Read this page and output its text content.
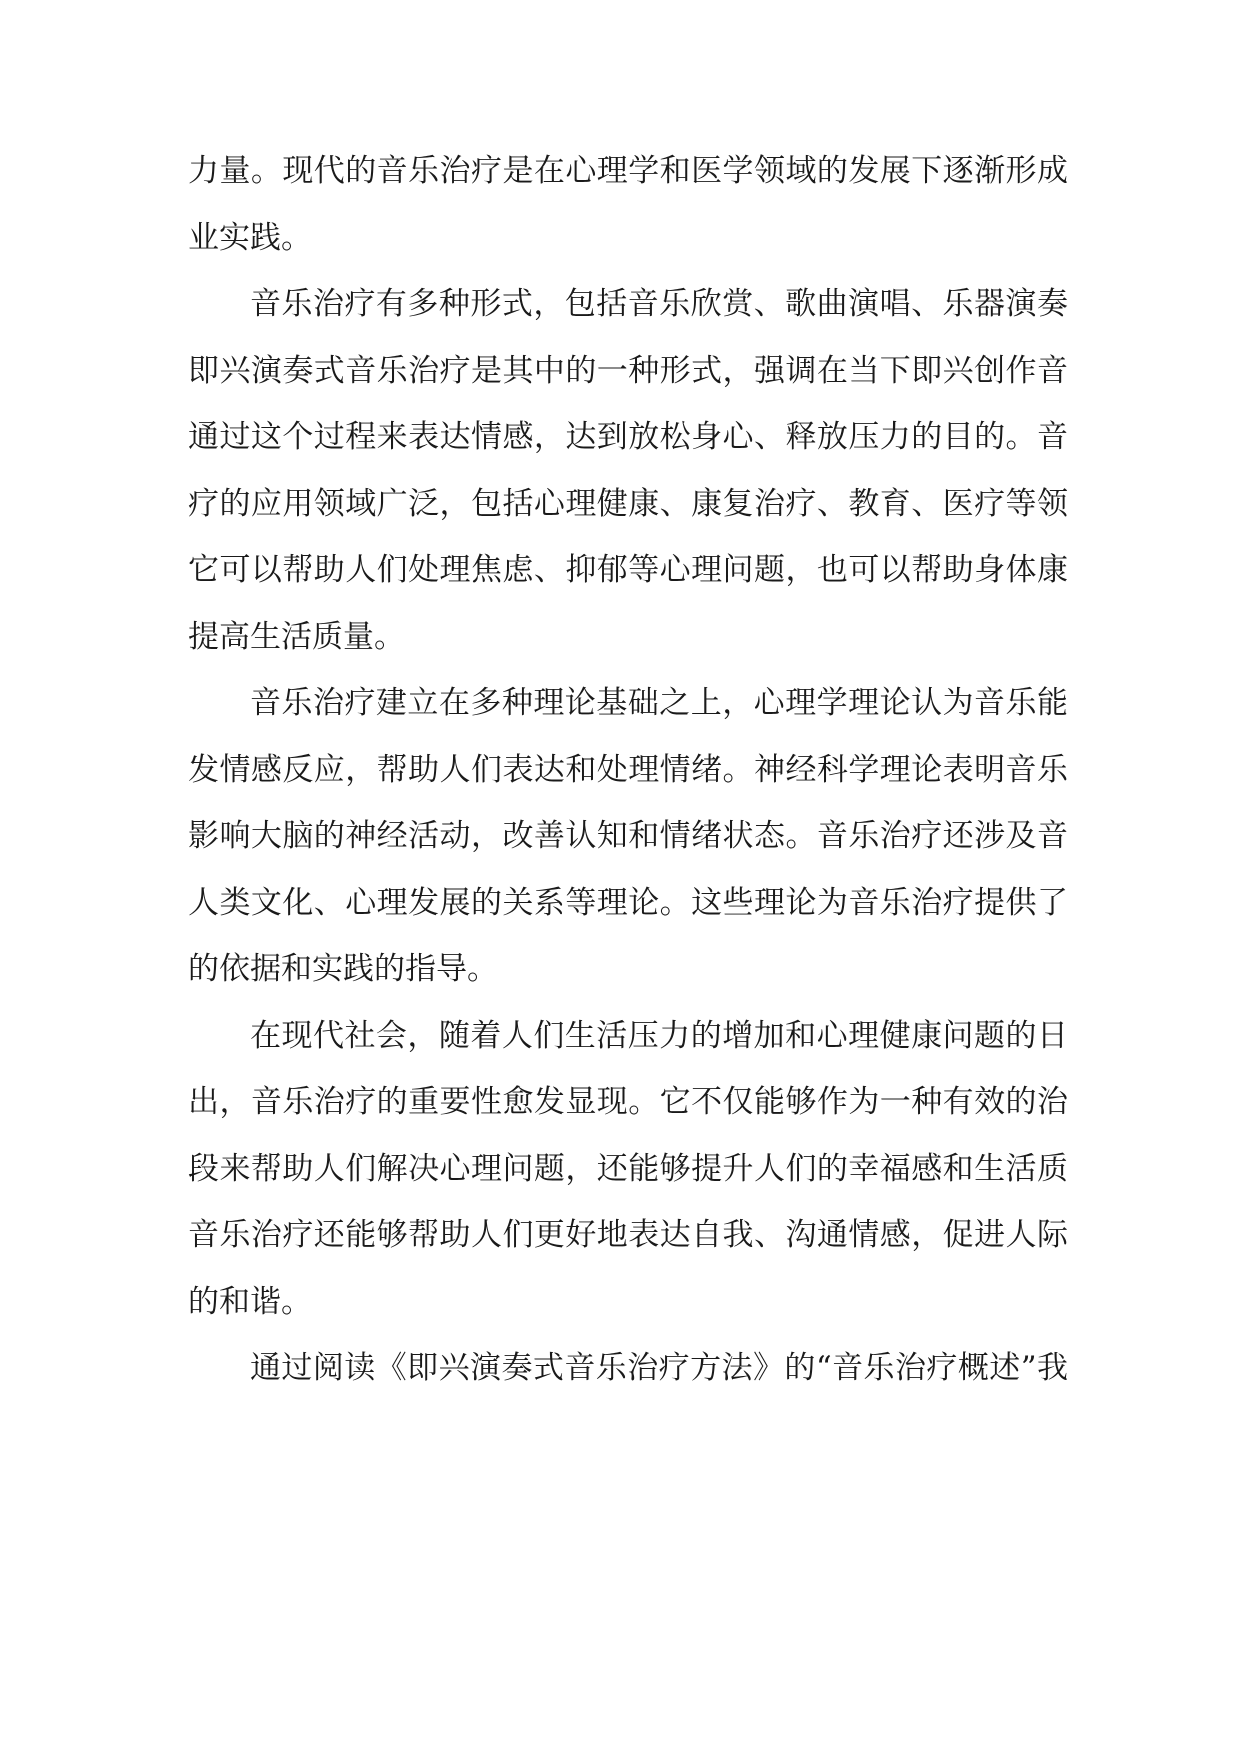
力量。现代的音乐治疗是在心理学和医学领域的发展下逐渐形成
业实践。
音乐治疗有多种形式，包括音乐欣赏、歌曲演唱、乐器演奏
即兴演奏式音乐治疗是其中的一种形式，强调在当下即兴创作音
通过这个过程来表达情感，达到放松身心、释放压力的目的。音
疗的应用领域广泛，包括心理健康、康复治疗、教育、医疗等领
它可以帮助人们处理焦虑、抑郁等心理问题，也可以帮助身体康
提高生活质量。
音乐治疗建立在多种理论基础之上，心理学理论认为音乐能
发情感反应，帮助人们表达和处理情绪。神经科学理论表明音乐
影响大脑的神经活动，改善认知和情绪状态。音乐治疗还涉及音
人类文化、心理发展的关系等理论。这些理论为音乐治疗提供了
的依据和实践的指导。
在现代社会，随着人们生活压力的增加和心理健康问题的日
出，音乐治疗的重要性愈发显现。它不仅能够作为一种有效的治
段来帮助人们解决心理问题，还能够提升人们的幸福感和生活质
音乐治疗还能够帮助人们更好地表达自我、沟通情感，促进人际
的和谐。
通过阅读《即兴演奏式音乐治疗方法》的“音乐治疗概述”我
